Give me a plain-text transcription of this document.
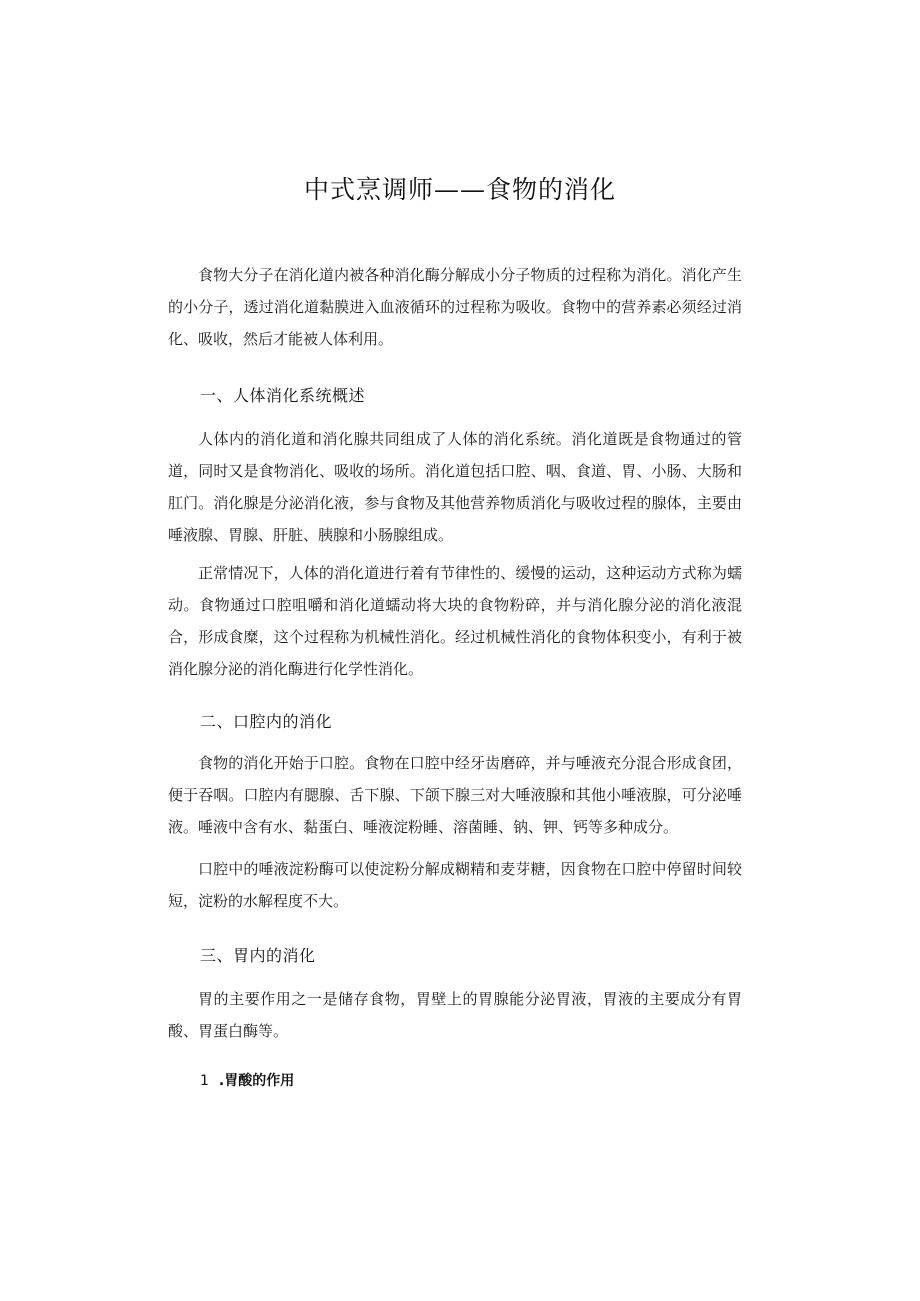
中式烹调师——食物的消化

食物大分子在消化道内被各种消化酶分解成小分子物质的过程称为消化。消化产生的小分子，透过消化道黏膜进入血液循环的过程称为吸收。食物中的营养素必须经过消化、吸收，然后才能被人体利用。

一、人体消化系统概述

人体内的消化道和消化腺共同组成了人体的消化系统。消化道既是食物通过的管道，同时又是食物消化、吸收的场所。消化道包括口腔、咽、食道、胃、小肠、大肠和肛门。消化腺是分泌消化液，参与食物及其他营养物质消化与吸收过程的腺体，主要由唾液腺、胃腺、肝脏、胰腺和小肠腺组成。

正常情况下，人体的消化道进行着有节律性的、缓慢的运动，这种运动方式称为蠕动。食物通过口腔咀嚼和消化道蠕动将大块的食物粉碎，并与消化腺分泌的消化液混合，形成食糜，这个过程称为机械性消化。经过机械性消化的食物体积变小，有利于被消化腺分泌的消化酶进行化学性消化。

二、口腔内的消化

食物的消化开始于口腔。食物在口腔中经牙齿磨碎，并与唾液充分混合形成食团，便于吞咽。口腔内有腮腺、舌下腺、下颌下腺三对大唾液腺和其他小唾液腺，可分泌唾液。唾液中含有水、黏蛋白、唾液淀粉睡、溶菌睡、钠、钾、钙等多种成分。

口腔中的唾液淀粉酶可以使淀粉分解成糊精和麦芽糖，因食物在口腔中停留时间较短，淀粉的水解程度不大。

三、胃内的消化

胃的主要作用之一是储存食物，胃壁上的胃腺能分泌胃液，胃液的主要成分有胃酸、胃蛋白酶等。

1 .胃酸的作用
